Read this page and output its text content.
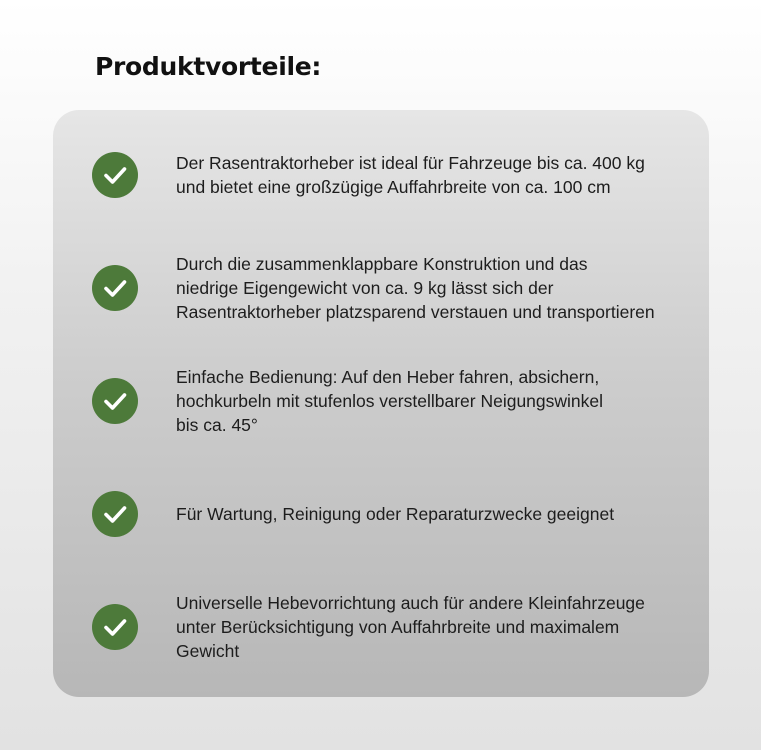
Produktvorteile:
Der Rasentraktorheber ist ideal für Fahrzeuge bis ca. 400 kg
und bietet eine großzügige Auffahrbreite von ca. 100 cm
Durch die zusammenklappbare Konstruktion und das
niedrige Eigengewicht von ca. 9 kg lässt sich der
Rasentraktorheber platzsparend verstauen und transportieren
Einfache Bedienung: Auf den Heber fahren, absichern,
hochkurbeln mit stufenlos verstellbarer Neigungswinkel
bis ca. 45°
Für Wartung, Reinigung oder Reparaturzwecke geeignet
Universelle Hebevorrichtung auch für andere Kleinfahrzeuge
unter Berücksichtigung von Auffahrbreite und maximalem
Gewicht
